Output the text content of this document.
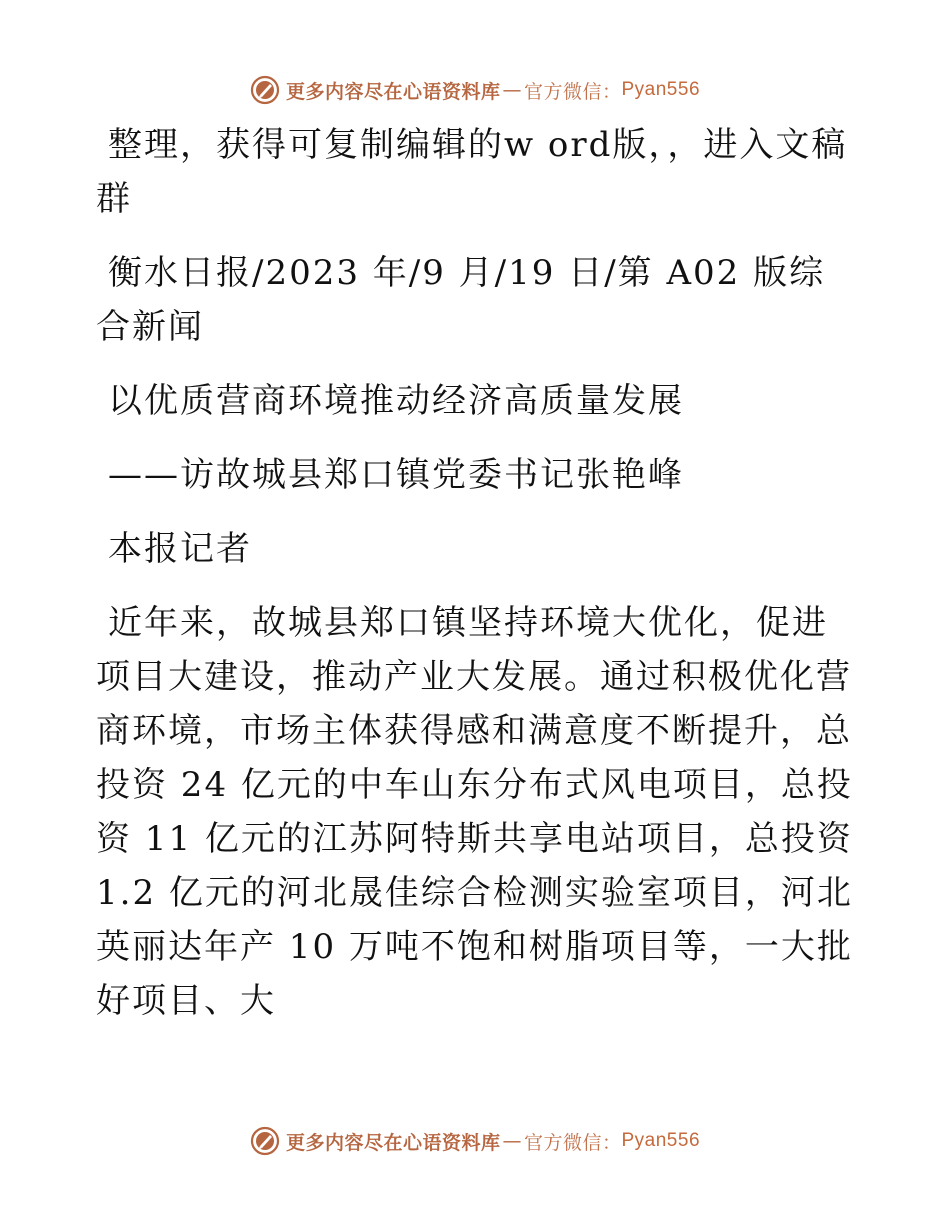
更多内容尽在心语资料库 — 官方微信： Pyan556

整理，获得可复制编辑的w ord版，，进入文稿群

衡水日报/2023 年/9 月/19 日/第 A02 版综合新闻

以优质营商环境推动经济高质量发展

——访故城县郑口镇党委书记张艳峰

本报记者

近年来，故城县郑口镇坚持环境大优化，促进项目大建设，推动产业大发展。通过积极优化营商环境，市场主体获得感和满意度不断提升，总投资 24 亿元的中车山东分布式风电项目，总投资 11 亿元的江苏阿特斯共享电站项目，总投资 1.2 亿元的河北晟佳综合检测实验室项目，河北英丽达年产 10 万吨不饱和树脂项目等，一大批好项目、大

更多内容尽在心语资料库 — 官方微信： Pyan556
